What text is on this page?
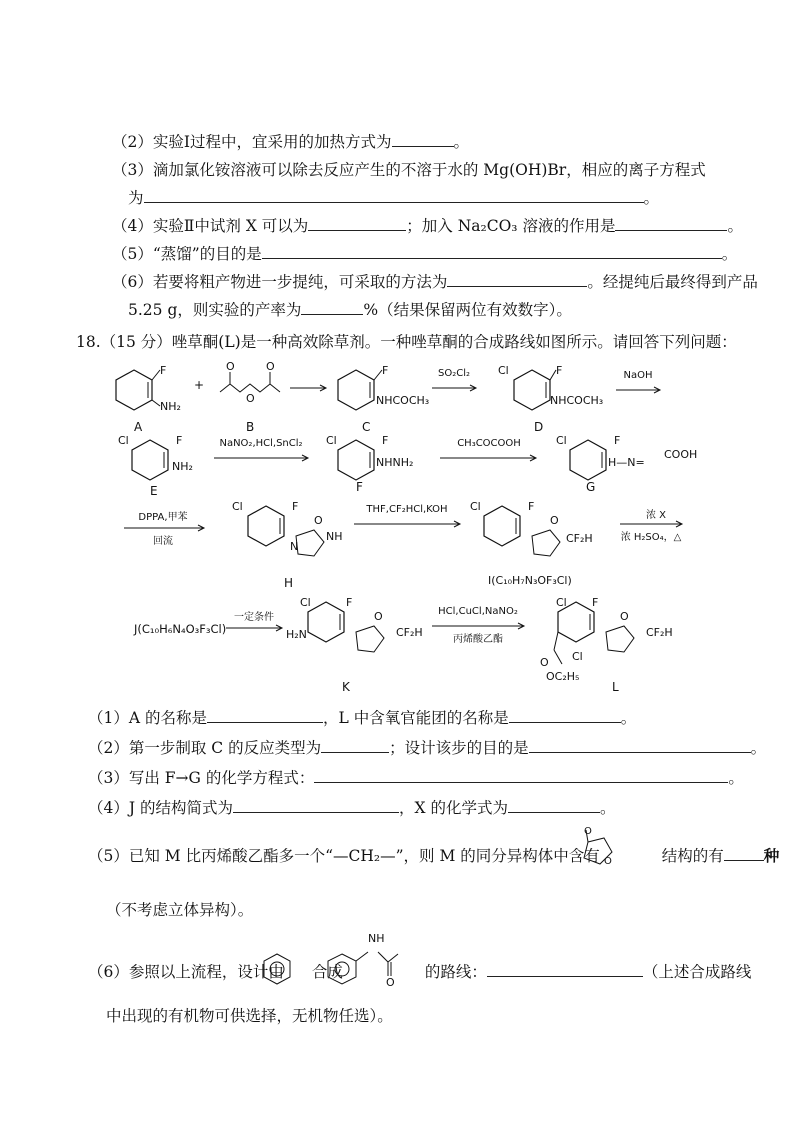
（2）实验Ⅰ过程中，宜采用的加热方式为	。
（3）滴加氯化铵溶液可以除去反应产生的不溶于水的 Mg(OH)Br，相应的离子方程式
为	。
（4）实验Ⅱ中试剂 X 可以为	；加入 Na₂CO₃ 溶液的作用是	。
（5）“蒸馏”的目的是	。
（6）若要将粗产物进一步提纯，可采取的方法为	。经提纯后最终得到产品
5.25 g，则实验的产率为	%（结果保留两位有效数字）。
18.（15 分）唑草酮(L)是一种高效除草剂。一种唑草酮的合成路线如图所示。请回答下列问题：
F
NH₂
A
+
O	O
O
B
F
NHCOCH₃
C
SO₂Cl₂	Cl	F
NHCOCH₃
D
NaOH
Cl	F
NH₂
E
NaNO₂,HCl,SnCl₂	Cl	F
NHNH₂
F
CH₃COCOOH	Cl	F
H—N=
COOH
G
DPPA,甲苯
回流
Cl	F
O
NH
N
H
THF,CF₂HCl,KOH	Cl	F
O
CF₂H
I(C₁₀H₇N₃OF₃Cl)
浓 X
浓 H₂SO₄，△
J(C₁₀H₆N₄O₃F₃Cl)
一定条件
Cl	F
H₂N
O
CF₂H
K
HCl,CuCl,NaNO₂
丙烯酸乙酯
Cl F
O
CF₂H
Cl
O
OC₂H₅
L
（1）A 的名称是	，L 中含氧官能团的名称是	。
（2）第一步制取 C 的反应类型为	；设计该步的目的是	。
（3）写出 F→G 的化学方程式：	。
（4）J 的结构简式为	，X 的化学式为	。
（5）已知 M 比丙烯酸乙酯多一个“—CH₂—”，则 M 的同分异构体中含有	结构的有	种
O
O
（不考虑立体异构）。
（6）参照以上流程，设计由 合成	的路线：	（上述合成路线
NH
O
中出现的有机物可供选择，无机物任选）。
